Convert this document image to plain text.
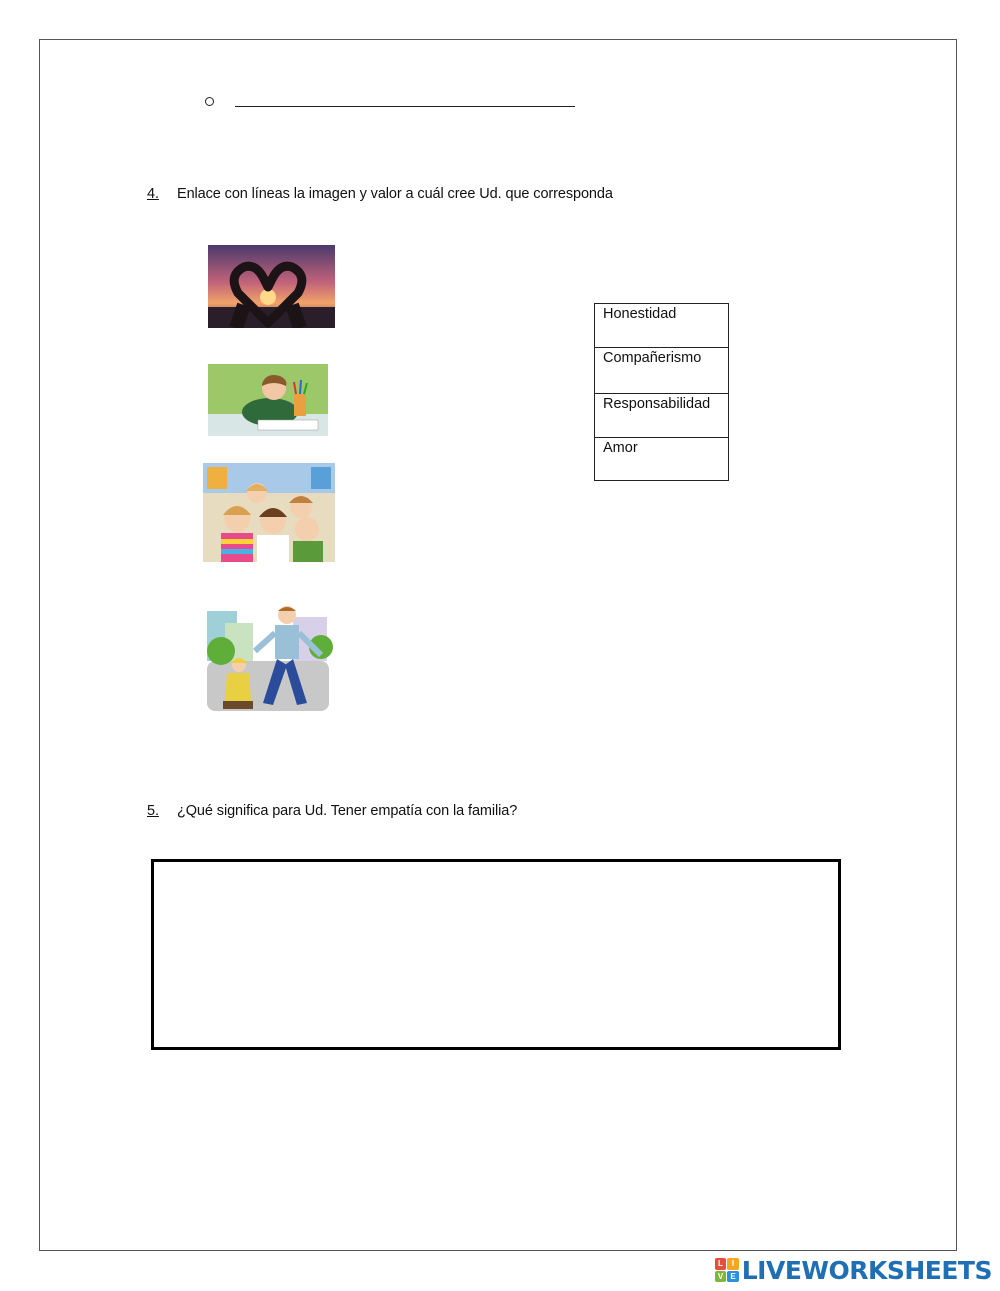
4. Enlace con líneas la imagen y valor a cuál cree Ud. que corresponda
Honestidad
Compañerismo
Responsabilidad
Amor
5. ¿Qué significa para Ud. Tener empatía con la familia?
L	I
V E LIVEWORKSHEETS
